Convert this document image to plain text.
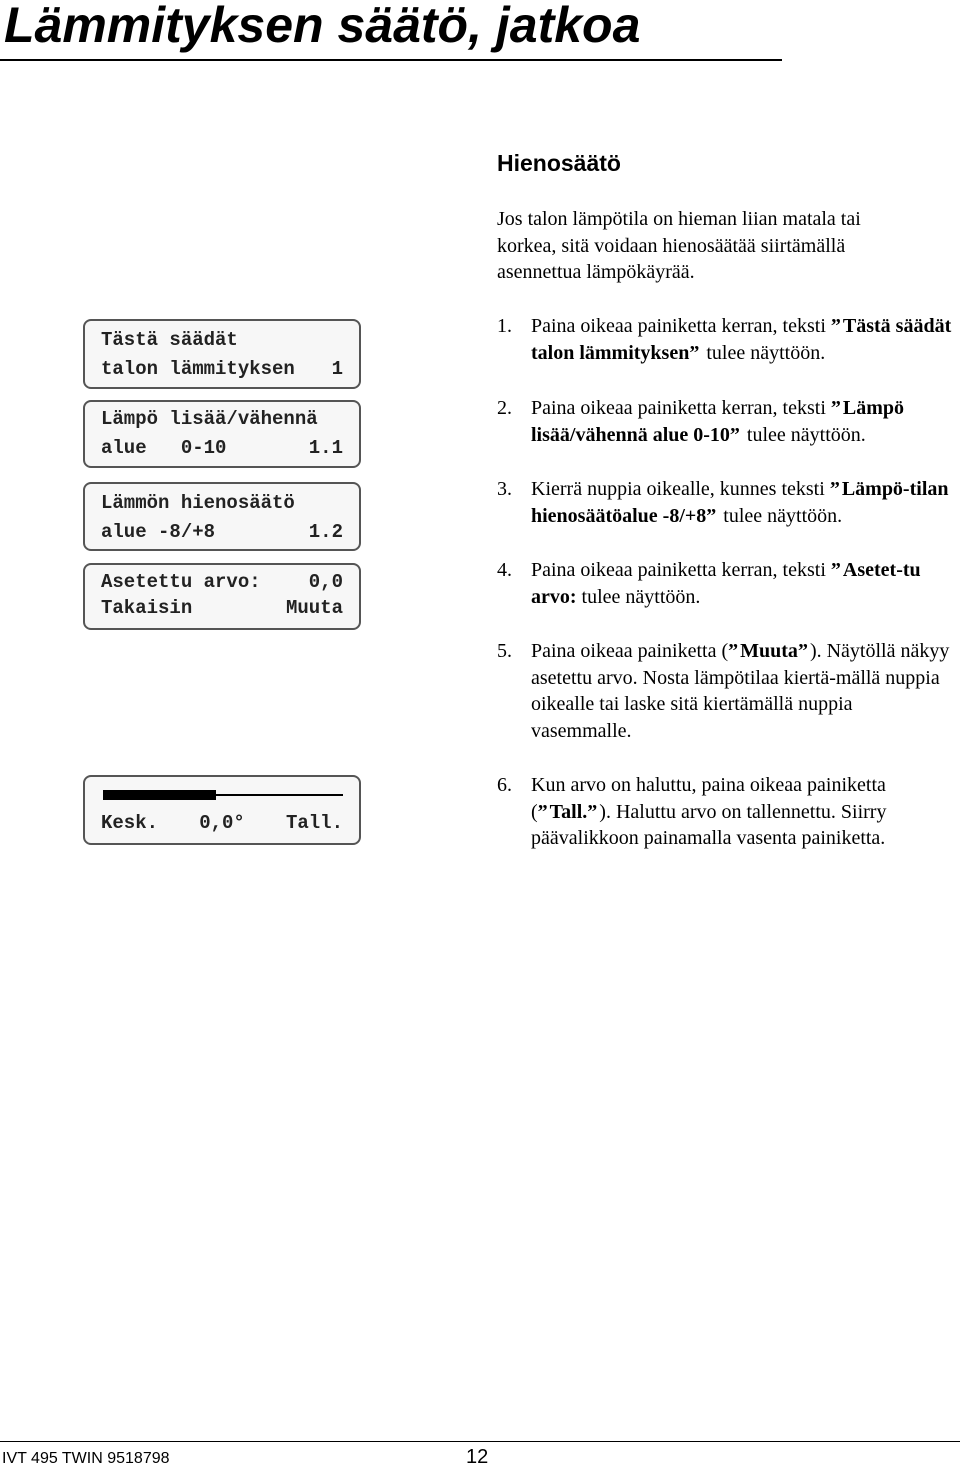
Lämmityksen säätö, jatkoa
Hienosäätö
Jos talon lämpötila on hieman liian matala tai korkea, sitä voidaan hienosäätää siirtämällä asennettua lämpökäyrää.
1. Paina oikeaa painiketta kerran, teksti ” Tästä säädät talon lämmityksen” tulee näyttöön.
2. Paina oikeaa painiketta kerran, teksti ” Lämpö lisää/vähennä alue 0-10” tulee näyttöön.
3. Kierrä nuppia oikealle, kunnes teksti ” Lämpö-tilan hienosäätöalue -8/+8” tulee näyttöön.
4. Paina oikeaa painiketta kerran, teksti ” Asetet-tu arvo: tulee näyttöön.
5. Paina oikeaa painiketta (” Muuta” ). Näytöllä näkyy asetettu arvo. Nosta lämpötilaa kiertä-mällä nuppia oikealle tai laske sitä kiertämällä nuppia vasemmalle.
6. Kun arvo on haluttu, paina oikeaa painiketta (” Tall.” ). Haluttu arvo on tallennettu. Siirry päävalikkoon painamalla vasenta painiketta.
Tästä säädät
talon lämmityksen 1
Lämpö lisää/vähennä
alue   0-10	1.1
Lämmön hienosäätö
alue -8/+8	1.2
Asetettu arvo:	0,0
Takaisin	Muuta
Kesk. 0,0° Tall.
IVT 495 TWIN 9518798	12
